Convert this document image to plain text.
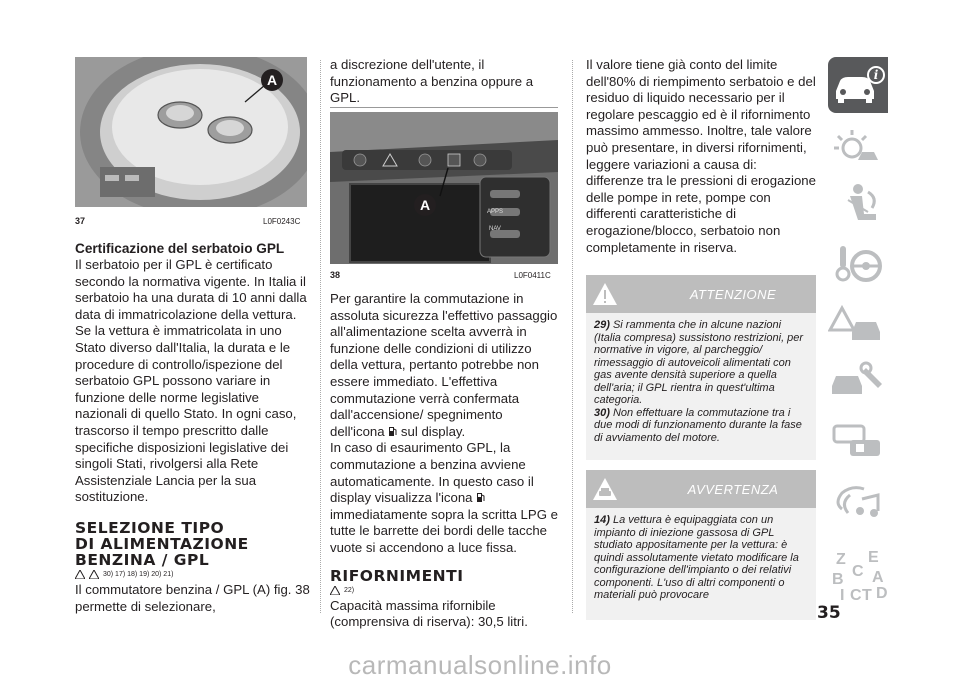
A
37	L0F0243C
Certificazione del serbatoio GPL

Il serbatoio per il GPL è certificato secondo la normativa vigente. In Italia il serbatoio ha una durata di 10 anni dalla data di immatricolazione della vettura. Se la vettura è immatricolata in uno Stato diverso dall'Italia, la durata e le procedure di controllo/ispezione del serbatoio GPL possono variare in funzione delle norme legislative nazionali di quello Stato. In ogni caso, trascorso il tempo prescritto dalle specifiche disposizioni legislative dei singoli Stati, rivolgersi alla Rete Assistenziale Lancia per la sua sostituzione.

SELEZIONE TIPO
DI ALIMENTAZIONE
BENZINA / GPL
30) 17) 18) 19) 20) 21)

Il commutatore benzina / GPL (A) fig. 38 permette di selezionare,

a discrezione dell'utente, il funzionamento a benzina oppure a GPL.

A	APPS
NAV
38	L0F0411C

Per garantire la commutazione in assoluta sicurezza l'effettivo passaggio all'alimentazione scelta avverrà in funzione delle condizioni di utilizzo della vettura, pertanto potrebbe non essere immediato. L'effettiva commutazione verrà confermata dall'accensione/ spegnimento dell'icona sul display.

In caso di esaurimento GPL, la commutazione a benzina avviene automaticamente. In questo caso il display visualizza l'icona  immediatamente sopra la scritta LPG e tutte le barrette dei bordi delle tacche vuote si accendono a luce fissa.

RIFORNIMENTI
22)

Capacità massima rifornibile (comprensiva di riserva): 30,5 litri.

Il valore tiene già conto del limite dell'80% di riempimento serbatoio e del residuo di liquido necessario per il regolare pescaggio ed è il rifornimento massimo ammesso. Inoltre, tale valore può presentare, in diversi rifornimenti, leggere variazioni a causa di: differenze tra le pressioni di erogazione delle pompe in rete, pompe con differenti caratteristiche di erogazione/blocco, serbatoio non completamente in riserva.

ATTENZIONE
29) Si rammenta che in alcune nazioni (Italia compresa) sussistono restrizioni, per normative in vigore, al parcheggio/ rimessaggio di autoveicoli alimentati con gas avente densità superiore a quella dell'aria; il GPL rientra in quest'ultima categoria.
30) Non effettuare la commutazione tra i due modi di funzionamento durante la fase di avviamento del motore.
AVVERTENZA
14) La vettura è equipaggiata con un impianto di iniezione gassosa di GPL studiato appositamente per la vettura: è quindi assolutamente vietato modificare la configurazione dell'impianto o dei relativi componenti. L'uso di altri componenti o materiali può provocare
i
Z E
B C A
I C T D
35
carmanualsonline.info
